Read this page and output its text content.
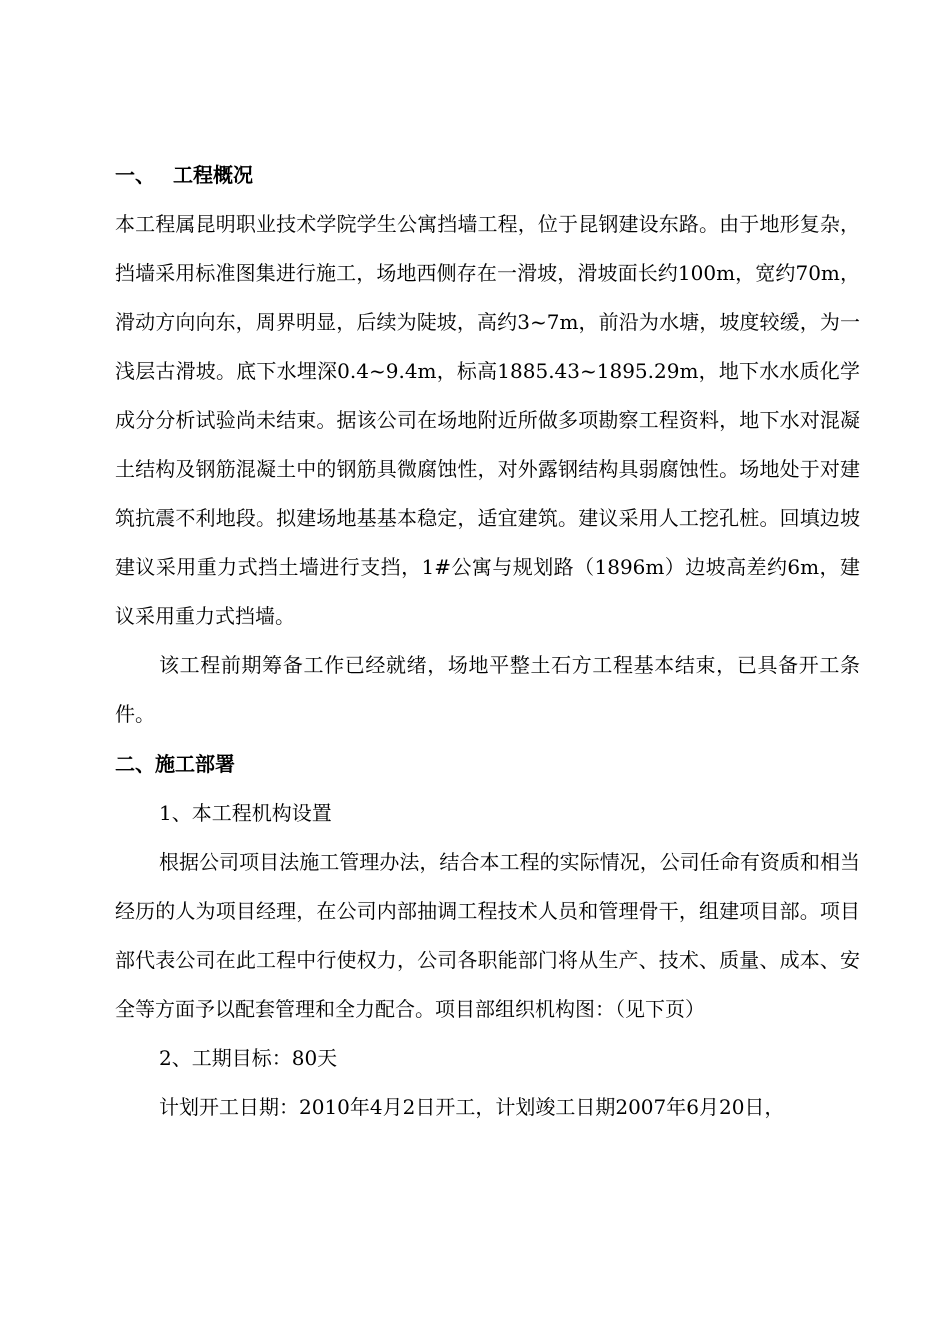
一、 工程概况

本工程属昆明职业技术学院学生公寓挡墙工程，位于昆钢建设东路。由于地形复杂，挡墙采用标准图集进行施工，场地西侧存在一滑坡，滑坡面长约100m，宽约70m，滑动方向向东，周界明显，后续为陡坡，高约3~7m，前沿为水塘，坡度较缓，为一浅层古滑坡。底下水埋深0.4~9.4m，标高1885.43~1895.29m，地下水水质化学成分分析试验尚未结束。据该公司在场地附近所做多项勘察工程资料，地下水对混凝土结构及钢筋混凝土中的钢筋具微腐蚀性，对外露钢结构具弱腐蚀性。场地处于对建筑抗震不利地段。拟建场地基基本稳定，适宜建筑。建议采用人工挖孔桩。回填边坡建议采用重力式挡土墙进行支挡，1#公寓与规划路（1896m）边坡高差约6m，建议采用重力式挡墙。

该工程前期筹备工作已经就绪，场地平整土石方工程基本结束，已具备开工条件。

二、施工部署
1、本工程机构设置

根据公司项目法施工管理办法，结合本工程的实际情况，公司任命有资质和相当经历的人为项目经理，在公司内部抽调工程技术人员和管理骨干，组建项目部。项目部代表公司在此工程中行使权力，公司各职能部门将从生产、技术、质量、成本、安全等方面予以配套管理和全力配合。项目部组织机构图：（见下页）

2、工期目标：80天

计划开工日期：2010年4月2日开工，计划竣工日期2007年6月20日，
